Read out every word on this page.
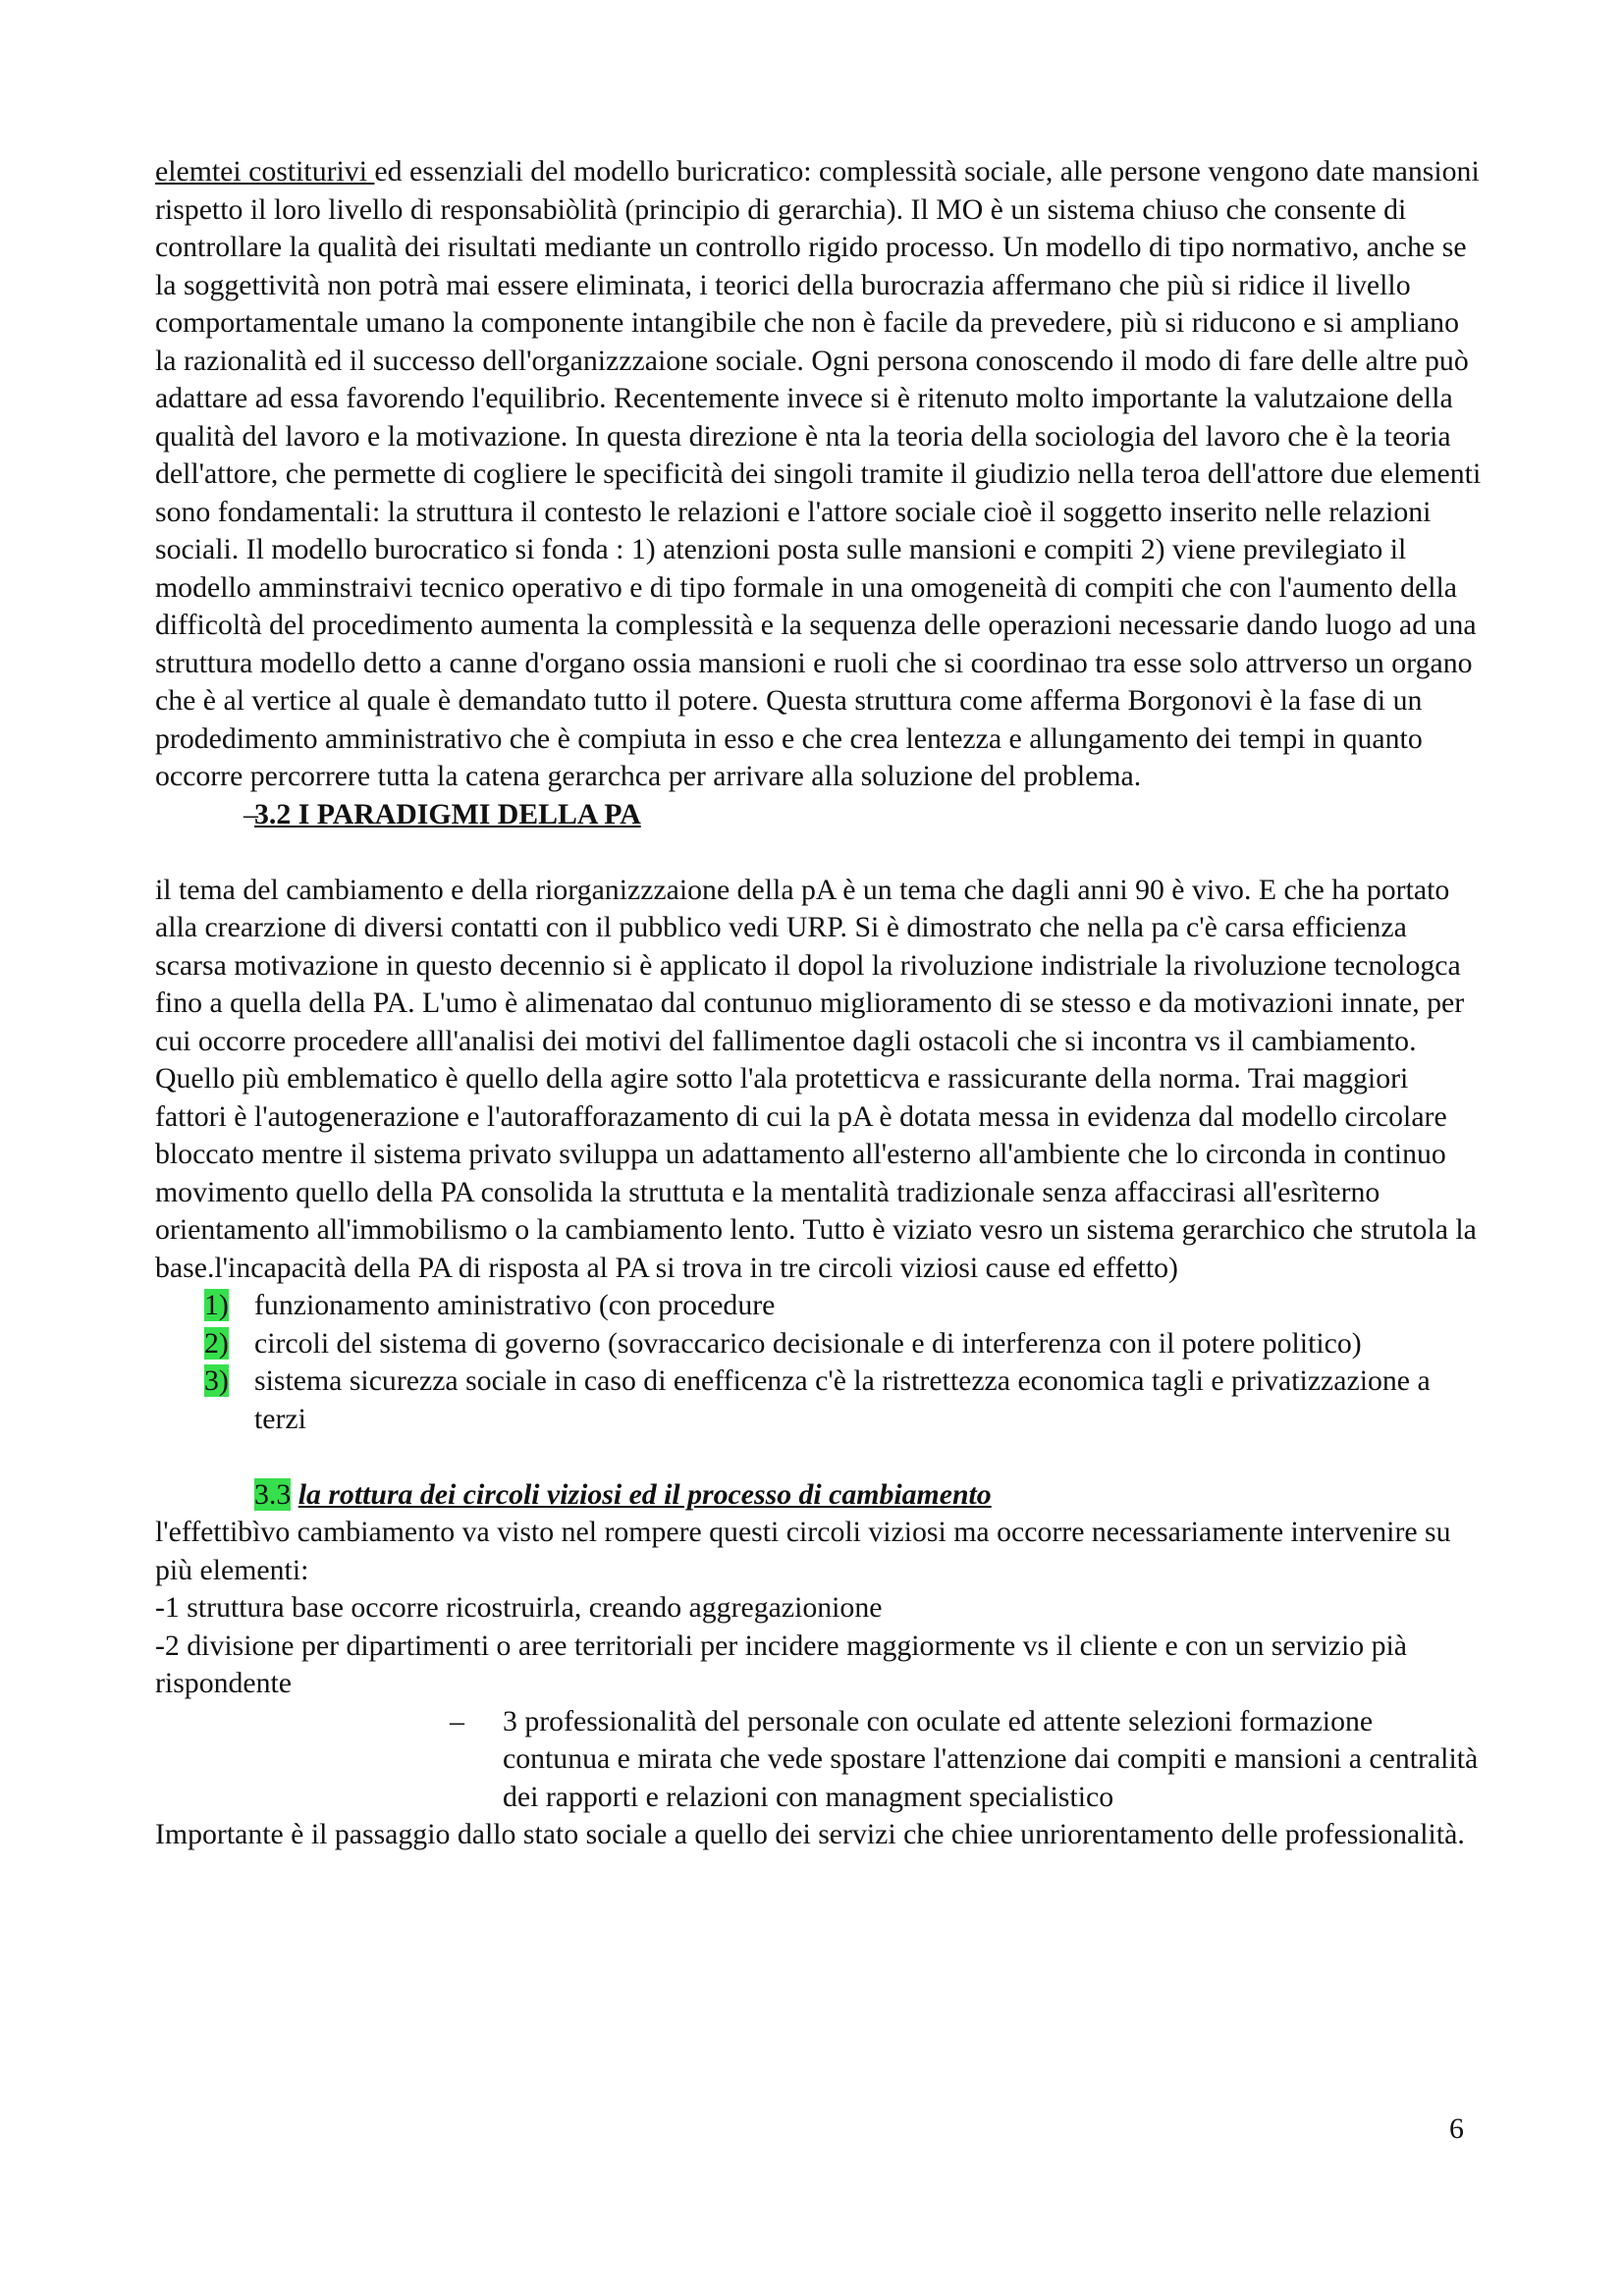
elemtei costiturivi ed essenziali del modello buricratico: complessità sociale, alle persone vengono date mansioni rispetto il loro livello di responsabiòlità (principio di gerarchia). Il MO è un sistema chiuso che consente di controllare la qualità dei risultati mediante un controllo rigido processo. Un modello di tipo normativo, anche se la soggettività non potrà mai essere eliminata, i teorici della burocrazia affermano che più si ridice il livello comportamentale umano la componente intangibile che non è facile da prevedere, più si riducono e si ampliano la razionalità ed il successo dell'organizzzaione sociale. Ogni persona conoscendo il modo di fare delle altre può adattare ad essa favorendo l'equilibrio. Recentemente invece si è ritenuto molto importante la valutzaione della qualità del lavoro e la motivazione. In questa direzione è nta la teoria della sociologia del lavoro che è la teoria dell'attore, che permette di cogliere le specificità dei singoli tramite il giudizio nella teroa dell'attore due elementi sono fondamentali: la struttura il contesto le relazioni e l'attore sociale cioè il soggetto inserito nelle relazioni sociali. Il modello burocratico si fonda : 1) atenzioni posta sulle mansioni e compiti 2) viene previlegiato il modello amminstraivi tecnico operativo e di tipo formale in una omogeneità di compiti che con l'aumento della difficoltà del procedimento aumenta la complessità e la sequenza delle operazioni necessarie dando luogo ad una struttura modello detto a canne d'organo ossia mansioni e ruoli che si coordinao tra esse solo attrverso un organo che è al vertice al quale è demandato tutto il potere. Questa struttura come afferma Borgonovi è la fase di un prodedimento amministrativo che è compiuta in esso e che crea lentezza e allungamento dei tempi in quanto occorre percorrere tutta la catena gerarchca per arrivare alla soluzione del problema.

–
3.2 I PARADIGMI DELLA PA

il tema del cambiamento e della riorganizzzaione della pA è un tema che dagli anni 90 è vivo. E che ha portato alla crearzione di diversi contatti con il pubblico vedi URP. Si è dimostrato che nella pa c'è carsa efficienza scarsa motivazione in questo decennio si è applicato il dopol la rivoluzione indistriale la rivoluzione tecnologca fino a quella della PA. L'umo è alimenatao dal contunuo miglioramento di se stesso e da motivazioni innate, per cui occorre procedere alll'analisi dei motivi del fallimentoe dagli ostacoli che si incontra vs il cambiamento. Quello più emblematico è quello della agire sotto l'ala protetticva e rassicurante della norma. Trai maggiori fattori è l'autogenerazione e l'autorafforazamento di cui la pA è dotata messa in evidenza dal modello circolare bloccato mentre il sistema privato sviluppa un adattamento all'esterno all'ambiente che lo circonda in continuo movimento quello della PA consolida la struttuta e la mentalità tradizionale senza affaccirasi all'esrìterno orientamento all'immobilismo o la cambiamento lento. Tutto è viziato vesro un sistema gerarchico che strutola la base.l'incapacità della PA di risposta al PA si trova in tre circoli viziosi cause ed effetto)

1) funzionamento aministrativo (con procedure
2) circoli del sistema di governo (sovraccarico decisionale e di interferenza con il potere politico)
3) sistema sicurezza sociale in caso di enefficenza c'è la ristrettezza economica tagli e privatizzazione a terzi
3.3 la rottura dei circoli viziosi ed il processo di cambiamento

l'effettibìvo cambiamento va visto nel rompere questi circoli viziosi ma occorre necessariamente intervenire su più elementi:

-1 struttura base occorre ricostruirla, creando aggregazionione

-2 divisione per dipartimenti o aree territoriali per incidere maggiormente vs il cliente e con un servizio pià rispondente

– 3 professionalità del personale con oculate ed attente selezioni formazione contunua e mirata che vede spostare l'attenzione dai compiti e mansioni a centralità dei rapporti e relazioni con managment specialistico

Importante è il passaggio dallo stato sociale a quello dei servizi che chiee unriorentamento delle professionalità.

6
